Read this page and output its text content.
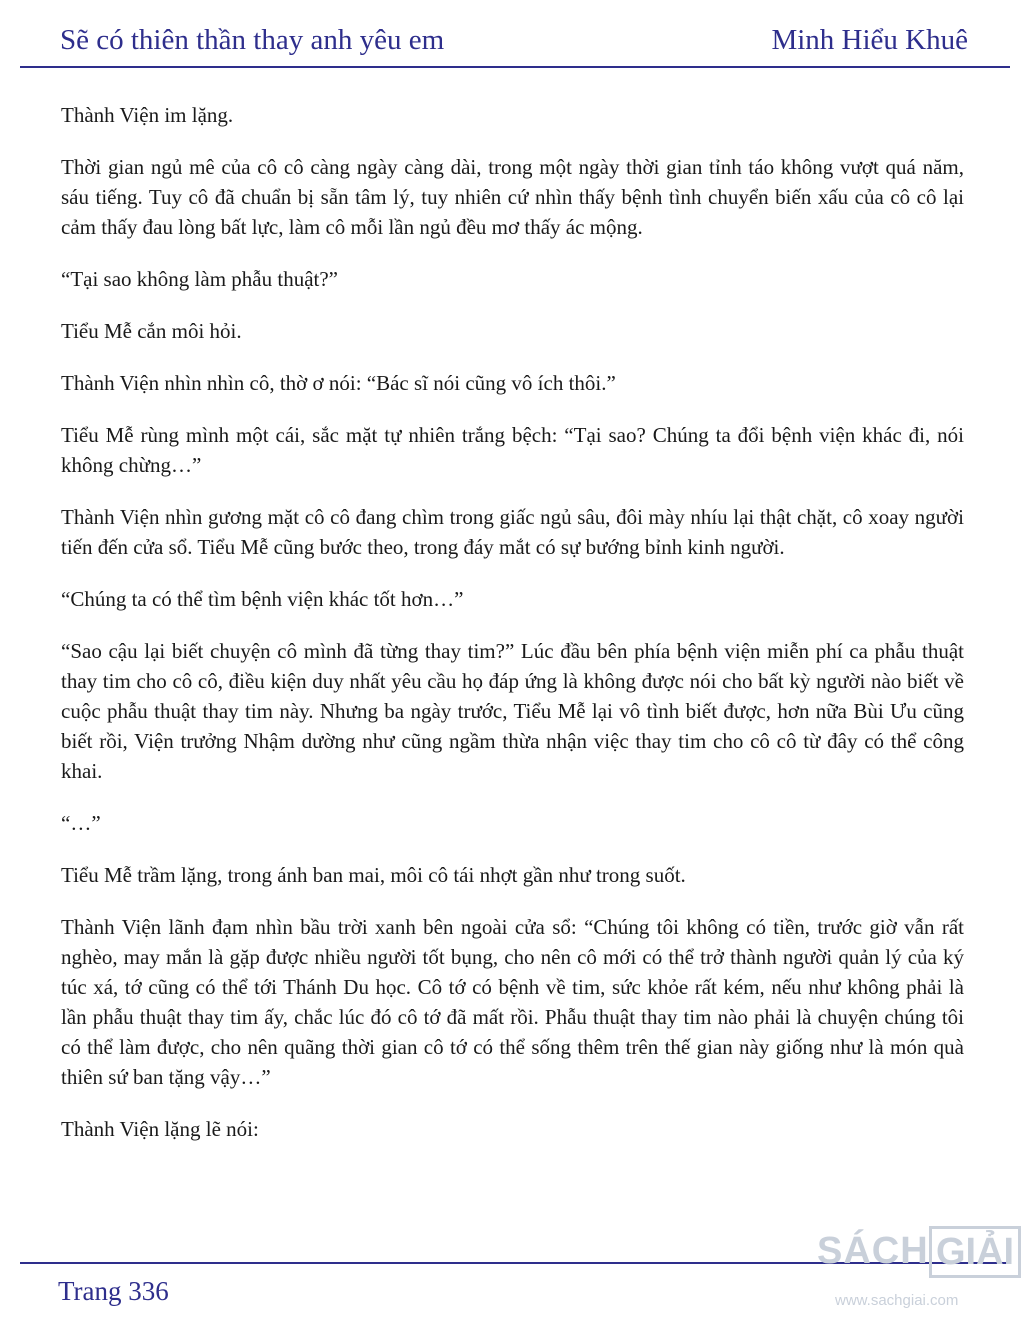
Sẽ có thiên thần thay anh yêu em	Minh Hiểu Khuê

Thành Viện im lặng.

Thời gian ngủ mê của cô cô càng ngày càng dài, trong một ngày thời gian tỉnh táo không vượt quá năm, sáu tiếng. Tuy cô đã chuẩn bị sẵn tâm lý, tuy nhiên cứ nhìn thấy bệnh tình chuyển biến xấu của cô cô lại cảm thấy đau lòng bất lực, làm cô mỗi lần ngủ đều mơ thấy ác mộng.

“Tại sao không làm phẫu thuật?”

Tiểu Mễ cắn môi hỏi.

Thành Viện nhìn nhìn cô, thờ ơ nói: “Bác sĩ nói cũng vô ích thôi.”

Tiểu Mễ rùng mình một cái, sắc mặt tự nhiên trắng bệch: “Tại sao? Chúng ta đổi bệnh viện khác đi, nói không chừng…”

Thành Viện nhìn gương mặt cô cô đang chìm trong giấc ngủ sâu, đôi mày nhíu lại thật chặt, cô xoay người tiến đến cửa sổ. Tiểu Mễ cũng bước theo, trong đáy mắt có sự bướng bỉnh kinh người.

“Chúng ta có thể tìm bệnh viện khác tốt hơn…”

“Sao cậu lại biết chuyện cô mình đã từng thay tim?” Lúc đầu bên phía bệnh viện miễn phí ca phẫu thuật thay tim cho cô cô, điều kiện duy nhất yêu cầu họ đáp ứng là không được nói cho bất kỳ người nào biết về cuộc phẫu thuật thay tim này. Nhưng ba ngày trước, Tiểu Mễ lại vô tình biết được, hơn nữa Bùi Ưu cũng biết rồi, Viện trưởng Nhậm dường như cũng ngầm thừa nhận việc thay tim cho cô cô từ đây có thể công khai.

“…”

Tiểu Mễ trầm lặng, trong ánh ban mai, môi cô tái nhợt gần như trong suốt.

Thành Viện lãnh đạm nhìn bầu trời xanh bên ngoài cửa sổ: “Chúng tôi không có tiền, trước giờ vẫn rất nghèo, may mắn là gặp được nhiều người tốt bụng, cho nên cô mới có thể trở thành người quản lý của ký túc xá, tớ cũng có thể tới Thánh Du học. Cô tớ có bệnh về tim, sức khỏe rất kém, nếu như không phải là lần phẫu thuật thay tim ấy, chắc lúc đó cô tớ đã mất rồi. Phẫu thuật thay tim nào phải là chuyện chúng tôi có thể làm được, cho nên quãng thời gian cô tớ có thể sống thêm trên thế gian này giống như là món quà thiên sứ ban tặng vậy…”

Thành Viện lặng lẽ nói:

Trang 336
SÁCH GIẢI
www.sachgiai.com
